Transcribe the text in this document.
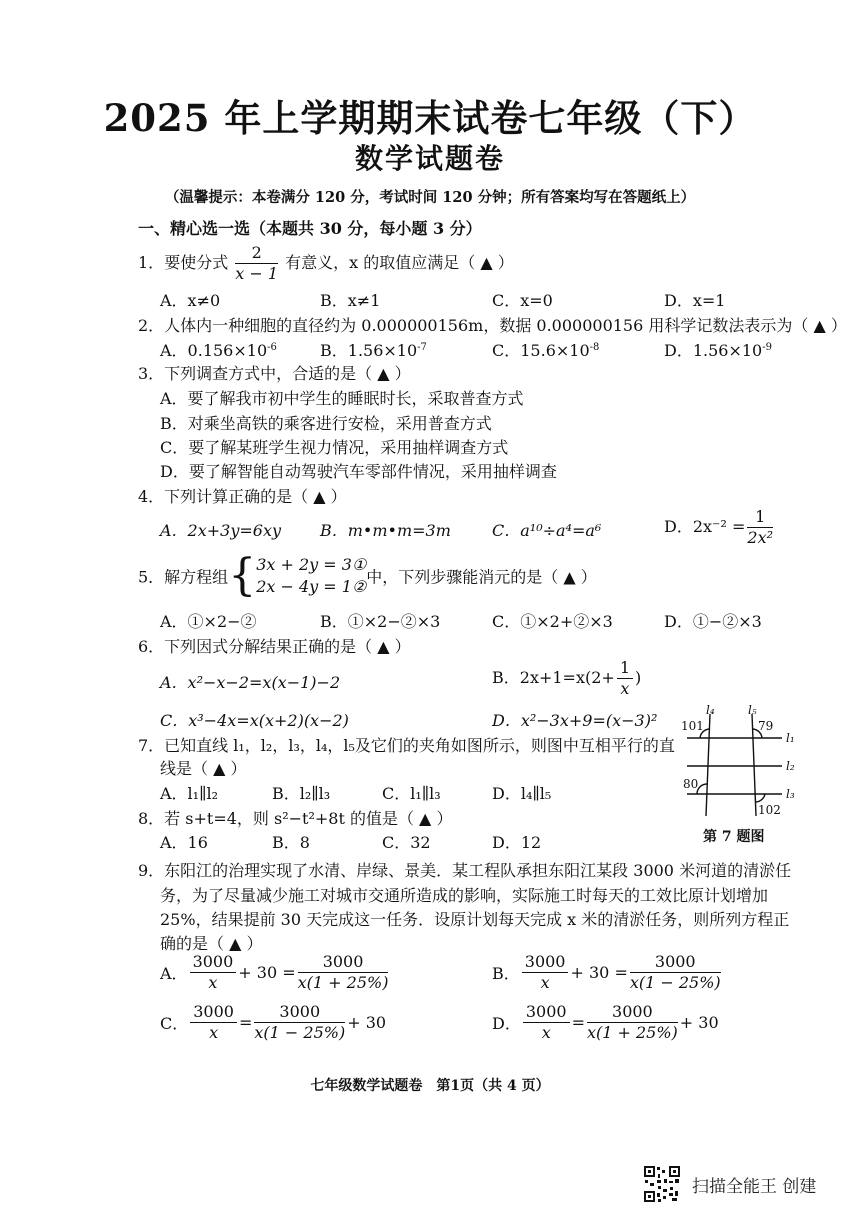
2025 年上学期期末试卷七年级（下）
数学试题卷
（温馨提示：本卷满分 120 分，考试时间 120 分钟；所有答案均写在答题纸上）
一、精心选一选（本题共 30 分，每小题 3 分）
1．要使分式 $\frac{2}{x - 1}$ 有意义，x 的取值应满足（ ▲ ）
A．x≠0	B．x≠1	C．x=0	D．x=1
2．人体内一种细胞的直径约为 0.000000156m，数据 0.000000156 用科学记数法表示为（ ▲ ）
A．$0.156\times 10^{-6}$	B．$1.56\times 10^{-7}$	C．$15.6\times 10^{-8}$	D．$1.56\times 10^{-9}$
3．下列调查方式中，合适的是（ ▲ ）
A．要了解我市初中学生的睡眠时长，采取普查方式
B．对乘坐高铁的乘客进行安检，采用普查方式
C．要了解某班学生视力情况，采用抽样调查方式
D．要了解智能自动驾驶汽车零部件情况，采用抽样调查
4．下列计算正确的是（ ▲ ）
A．2x+3y=6xy B．m•m•m=3m	C．a¹⁰÷a⁴=a⁶	D．$2x^{-2} = \frac{1}{\text{2x²}}$
5．解方程组{3x + 2y = 3①
2x − 4y = 1②中，下列步骤能消元的是（ ▲ ）
A．①×2−②	B．①×2−②×3	C．①×2+②×3	D．①−②×3
6．下列因式分解结果正确的是（ ▲ ）
A．x²−x−2=x(x−1)−2	B．$2x+1=x(2+ \frac{1}{x}$ )
C．x³−4x=x(x+2)(x−2)	D．x²−3x+9=(x−3)²
7．已知直线 l₁，l₂，l₃，l₄，l₅及它们的夹角如图所示，则图中互相平行的直
线是（ ▲ ）
A．l₁∥l₂	B．l₂∥l₃	C．l₁∥l₃	D．l₄∥l₅
l₄	l₅
l₁
l₂
l₃
101	79
80
102
第 7 题图
8．若 s+t=4，则 s²−t²+8t 的值是（ ▲ ）
A．16	B．8	C．32	D．12
9．东阳江的治理实现了水清、岸绿、景美．某工程队承担东阳江某段 3000 米河道的清淤任
务，为了尽量减少施工对城市交通所造成的影响，实际施工时每天的工效比原计划增加
25%，结果提前 30 天完成这一任务．设原计划每天完成 x 米的清淤任务，则所列方程正
确的是（ ▲ ）
A． $\frac{3000}{x} + 30 = \frac{3000}{x(1 + 25\%)}$	B． $\frac{3000}{x} + 30 = \frac{3000}{x(1 - 25\%)}$
C． $\frac{3000}{x} = \frac{3000}{x(1 - 25\%)} + 30$	D． $\frac{3000}{x} = \frac{3000}{x(1 + 25\%)} + 30$
七年级数学试题卷　第1页（共 4 页）
扫描全能王 创建
